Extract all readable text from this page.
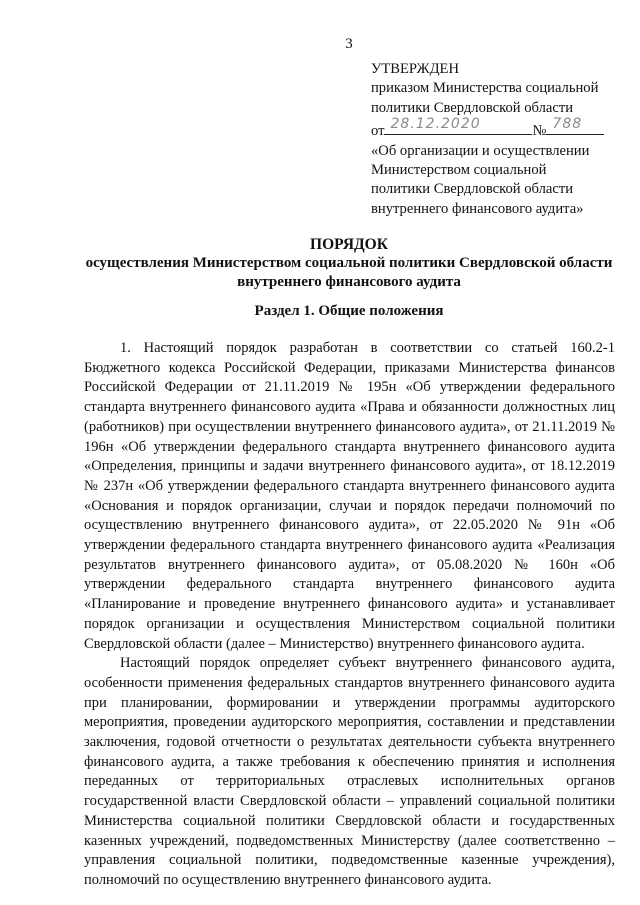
3
УТВЕРЖДЕН
приказом Министерства социальной
политики Свердловской области
от 28.12.2020	№ 788
«Об организации и осуществлении
Министерством социальной
политики Свердловской области
внутреннего финансового аудита»
ПОРЯДОК
осуществления Министерством социальной политики Свердловской области
внутреннего финансового аудита
Раздел 1. Общие положения

1. Настоящий порядок разработан в соответствии со статьей 160.2-1 Бюджетного кодекса Российской Федерации, приказами Министерства финансов Российской Федерации от 21.11.2019 № 195н «Об утверждении федерального стандарта внутреннего финансового аудита «Права и обязанности должностных лиц (работников) при осуществлении внутреннего финансового аудита», от 21.11.2019 № 196н «Об утверждении федерального стандарта внутреннего финансового аудита «Определения, принципы и задачи внутреннего финансового аудита», от 18.12.2019 № 237н «Об утверждении федерального стандарта внутреннего финансового аудита «Основания и порядок организации, случаи и порядок передачи полномочий по осуществлению внутреннего финансового аудита», от 22.05.2020 № 91н «Об утверждении федерального стандарта внутреннего финансового аудита «Реализация результатов внутреннего финансового аудита», от 05.08.2020 № 160н «Об утверждении федерального стандарта внутреннего финансового аудита «Планирование и проведение внутреннего финансового аудита» и устанавливает порядок организации и осуществления Министерством социальной политики Свердловской области (далее – Министерство) внутреннего финансового аудита.

Настоящий порядок определяет субъект внутреннего финансового аудита, особенности применения федеральных стандартов внутреннего финансового аудита при планировании, формировании и утверждении программы аудиторского мероприятия, проведении аудиторского мероприятия, составлении и представлении заключения, годовой отчетности о результатах деятельности субъекта внутреннего финансового аудита, а также требования к обеспечению принятия и исполнения переданных от территориальных отраслевых исполнительных органов государственной власти Свердловской области – управлений социальной политики Министерства социальной политики Свердловской области и государственных казенных учреждений, подведомственных Министерству (далее соответственно – управления социальной политики, подведомственные казенные учреждения), полномочий по осуществлению внутреннего финансового аудита.
